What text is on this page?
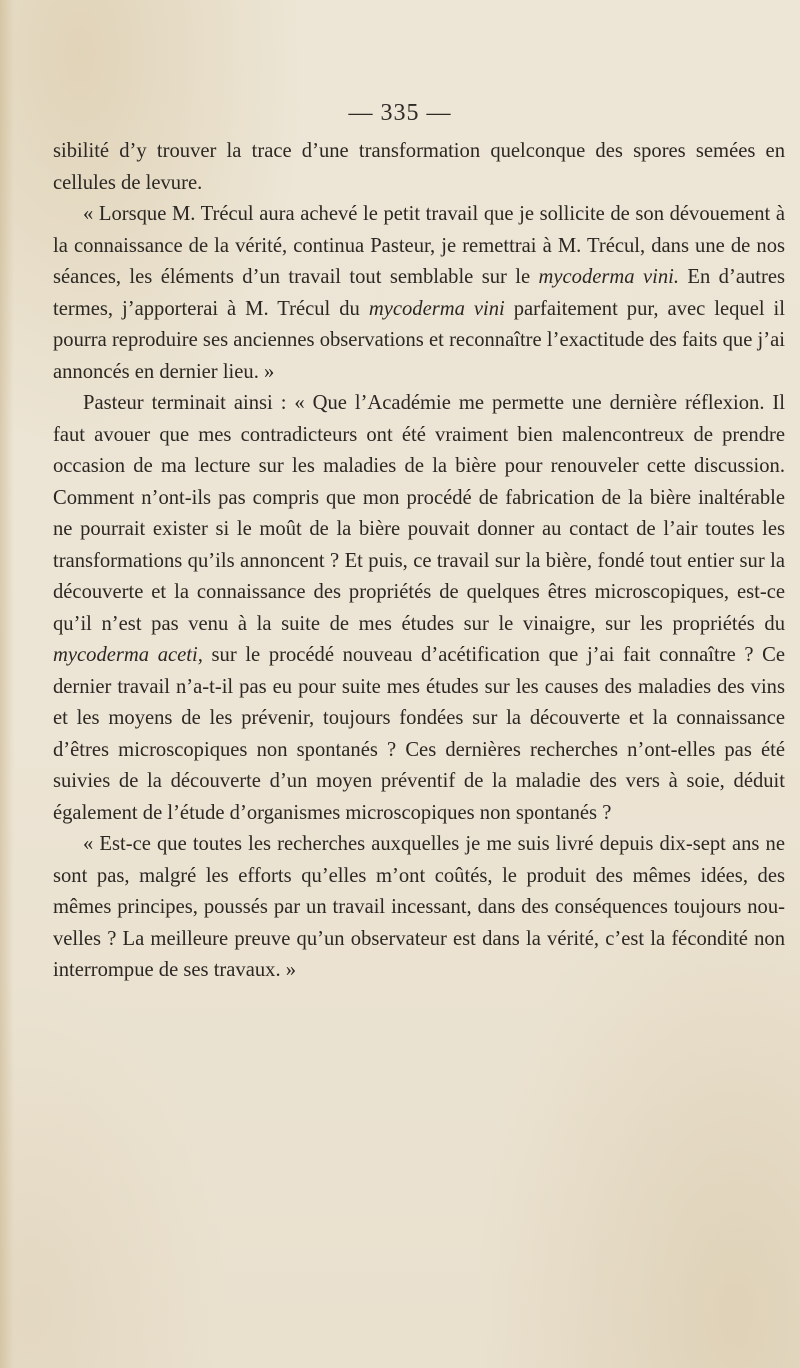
— 335 —

sibilité d’y trouver la trace d’une transformation quelconque des spores semées en cellules de levure.

« Lorsque M. Trécul aura achevé le petit travail que je sollicite de son dévouement à la connaissance de la vérité, continua Pasteur, je remettrai à M. Trécul, dans une de nos séances, les éléments d’un travail tout semblable sur le mycoderma vini. En d’autres termes, j’apporterai à M. Trécul du mycoderma vini parfaitement pur, avec lequel il pourra reproduire ses anciennes observations et reconnaître l’exactitude des faits que j’ai annoncés en dernier lieu. »

Pasteur terminait ainsi : « Que l’Académie me permette une dernière réflexion. Il faut avouer que mes contradicteurs ont été vraiment bien malencontreux de prendre occasion de ma lecture sur les maladies de la bière pour renouveler cette discussion. Comment n’ont-ils pas compris que mon procédé de fabrication de la bière inaltérable ne pourrait exister si le moût de la bière pouvait donner au contact de l’air toutes les transformations qu’ils annoncent ? Et puis, ce travail sur la bière, fondé tout entier sur la découverte et la connaissance des propriétés de quelques êtres microscopiques, est-ce qu’il n’est pas venu à la suite de mes études sur le vinaigre, sur les propriétés du mycoderma aceti, sur le procédé nouveau d’acétification que j’ai fait connaître ? Ce dernier travail n’a-t-il pas eu pour suite mes études sur les causes des maladies des vins et les moyens de les prévenir, toujours fondées sur la découverte et la connaissance d’êtres microscopiques non spontanés ? Ces dernières recherches n’ont-elles pas été suivies de la découverte d’un moyen préventif de la maladie des vers à soie, déduit également de l’étude d’organismes microscopiques non spontanés ?

« Est-ce que toutes les recherches auxquelles je me suis livré depuis dix-sept ans ne sont pas, malgré les efforts qu’elles m’ont coûtés, le produit des mêmes idées, des mêmes principes, poussés par un travail incessant, dans des conséquences toujours nouvelles ? La meilleure preuve qu’un observateur est dans la vérité, c’est la fécondité non interrompue de ses travaux. »
